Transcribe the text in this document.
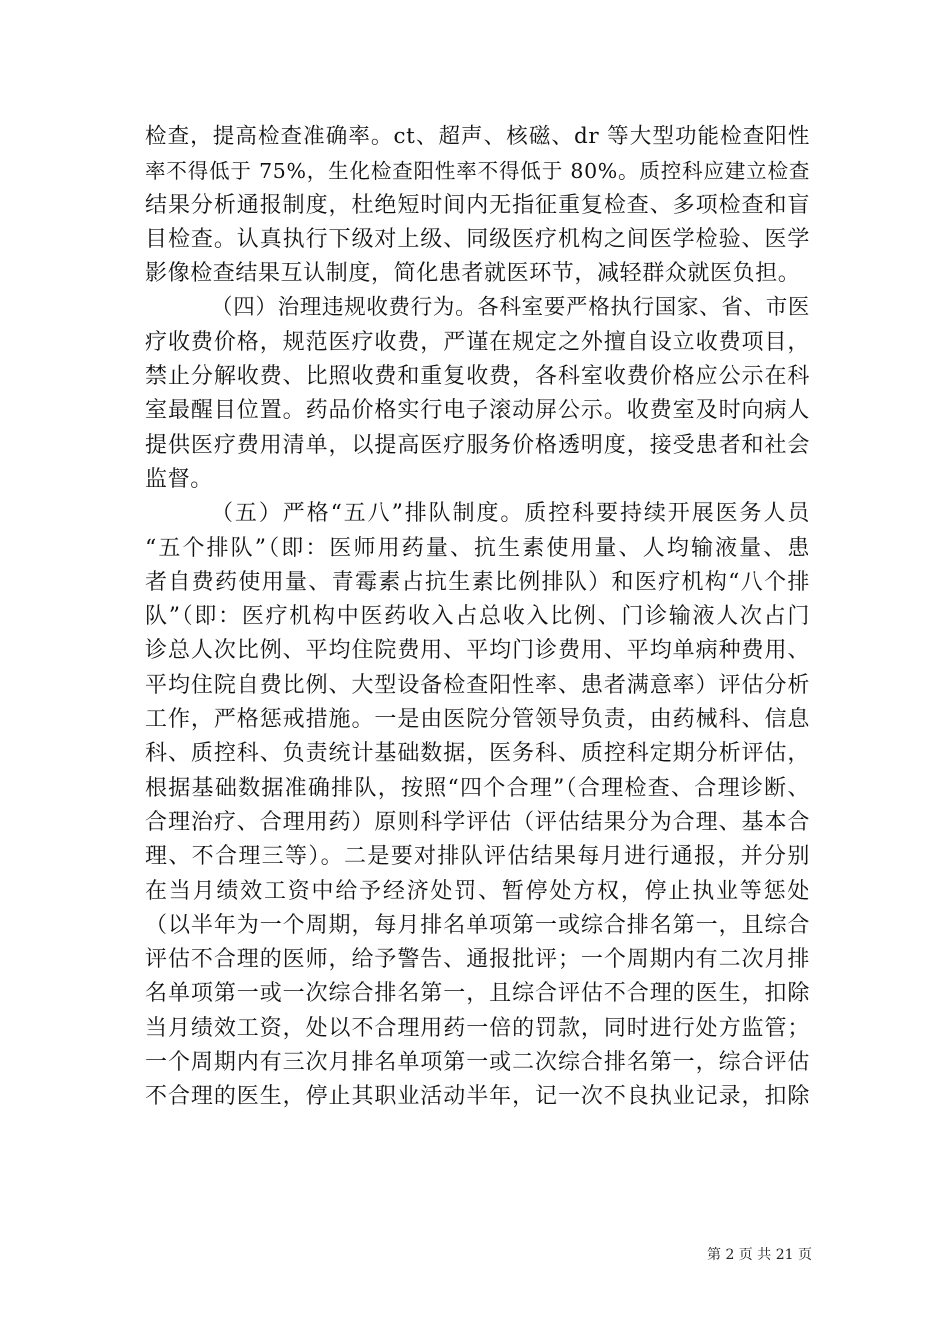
检查，提高检查准确率。ct、超声、核磁、dr 等大型功能检查阳性
率不得低于 75%，生化检查阳性率不得低于 80%。质控科应建立检查
结果分析通报制度，杜绝短时间内无指征重复检查、多项检查和盲
目检查。认真执行下级对上级、同级医疗机构之间医学检验、医学
影像检查结果互认制度，简化患者就医环节，减轻群众就医负担。
（四）治理违规收费行为。各科室要严格执行国家、省、市医
疗收费价格，规范医疗收费，严谨在规定之外擅自设立收费项目，
禁止分解收费、比照收费和重复收费，各科室收费价格应公示在科
室最醒目位置。药品价格实行电子滚动屏公示。收费室及时向病人
提供医疗费用清单，以提高医疗服务价格透明度，接受患者和社会
监督。
（五）严格“五八”排队制度。质控科要持续开展医务人员
“五个排队”（即：医师用药量、抗生素使用量、人均输液量、患
者自费药使用量、青霉素占抗生素比例排队）和医疗机构“八个排
队”（即：医疗机构中医药收入占总收入比例、门诊输液人次占门
诊总人次比例、平均住院费用、平均门诊费用、平均单病种费用、
平均住院自费比例、大型设备检查阳性率、患者满意率）评估分析
工作，严格惩戒措施。一是由医院分管领导负责，由药械科、信息
科、质控科、负责统计基础数据，医务科、质控科定期分析评估，
根据基础数据准确排队，按照“四个合理”（合理检查、合理诊断、
合理治疗、合理用药）原则科学评估（评估结果分为合理、基本合
理、不合理三等）。二是要对排队评估结果每月进行通报，并分别
在当月绩效工资中给予经济处罚、暂停处方权，停止执业等惩处
（以半年为一个周期，每月排名单项第一或综合排名第一，且综合
评估不合理的医师，给予警告、通报批评；一个周期内有二次月排
名单项第一或一次综合排名第一，且综合评估不合理的医生，扣除
当月绩效工资，处以不合理用药一倍的罚款，同时进行处方监管；
一个周期内有三次月排名单项第一或二次综合排名第一，综合评估
不合理的医生，停止其职业活动半年，记一次不良执业记录，扣除
第 2 页 共 21 页
